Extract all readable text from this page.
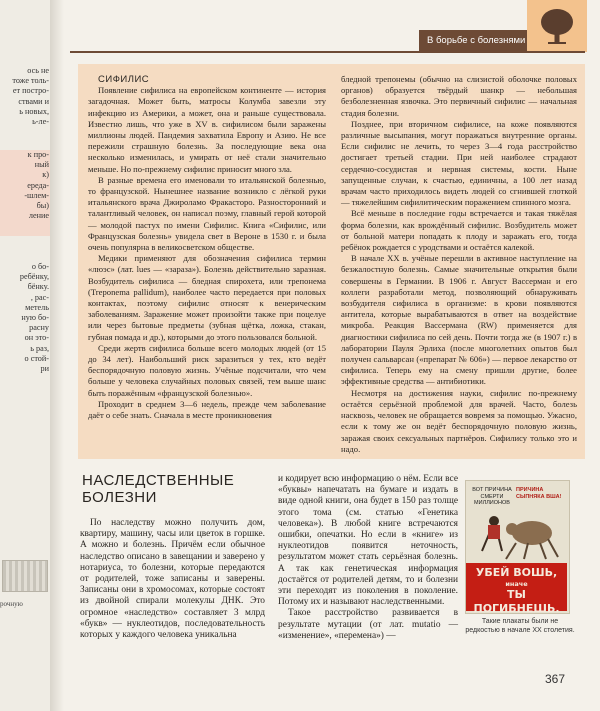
ось не
тоже толь-
ет постро-
ствами и
ь новых,
ь-ле-
к про-
ный
к)
ереда-
-шлем-
бы)
ление
о бо-
ребёнку,
бёнку.
, рас-
метель
ную бо-
расну
он это-
ь раз,
о стой-
ри
рочную
В борьбе с болезнями

СИФИЛИС

Появление сифилиса на европейском континенте — история загадочная. Может быть, матросы Колумба завезли эту инфекцию из Америки, а может, она и раньше существовала. Известно лишь, что уже в XV в. сифилисом были заражены миллионы людей. Пандемия захватила Европу и Азию. Не все пережили страшную болезнь. За последующие века она несколько изменилась, и умирать от неё стали значительно меньше. Но по-прежнему сифилис приносит много зла.

В разные времена его именовали то итальянской болезнью, то французской. Нынешнее название возникло с лёгкой руки итальянского врача Джироламо Фракасторо. Разносторонний и талантливый человек, он написал поэму, главный герой которой — молодой пастух по имени Сифилис. Книга «Сифилис, или Французская болезнь» увидела свет в Вероне в 1530 г. и была очень популярна в великосветском обществе.

Медики применяют для обозначения сифилиса термин «люэс» (лат. lues — «зараза»). Болезнь действительно заразная. Возбудитель сифилиса — бледная спирохета, или трепонема (Treponema pallidum), наиболее часто передается при половых контактах, поэтому сифилис относят к венерическим заболеваниям. Заражение может произойти также при поцелуе или через бытовые предметы (зубная щётка, ложка, стакан, губная помада и др.), которыми до этого пользовался больной.

Среди жертв сифилиса больше всего молодых людей (от 15 до 34 лет). Наибольший риск заразиться у тех, кто ведёт беспорядочную половую жизнь. Учёные подсчитали, что чем больше у человека случайных половых связей, тем выше шанс быть поражённым «французской болезнью».

Проходит в среднем 3—6 недель, прежде чем заболевание даёт о себе знать. Сначала в месте проникновения

бледной трепонемы (обычно на слизистой оболочке половых органов) образуется твёрдый шанкр — небольшая безболезненная язвочка. Это первичный сифилис — начальная стадия болезни.

Позднее, при вторичном сифилисе, на коже появляются различные высыпания, могут поражаться внутренние органы. Если сифилис не лечить, то через 3—4 года расстройство достигает третьей стадии. При ней наиболее страдают сердечно-сосудистая и нервная системы, кости. Ныне запущенные случаи, к счастью, единичны, а 100 лет назад врачам часто приходилось видеть людей со сгнившей глоткой — тяжелейшим сифилитическим поражением спинного мозга.

Всё меньше в последние годы встречается и такая тяжёлая форма болезни, как врождённый сифилис. Возбудитель может от больной матери попадать к плоду и заражать его, тогда ребёнок рождается с уродствами и остаётся калекой.

В начале XX в. учёные перешли в активное наступление на безжалостную болезнь. Самые значительные открытия были совершены в Германии. В 1906 г. Август Вассерман и его коллеги разработали метод, позволяющий обнаруживать возбудителя сифилиса в организме: в крови появляются антитела, которые вырабатываются в ответ на воздействие микроба. Реакция Вассермана (RW) применяется для диагностики сифилиса по сей день. Почти тогда же (в 1907 г.) в лаборатории Пауля Эрлиха (после многолетних опытов был получен сальварсан («препарат № 606») — первое лекарство от сифилиса. Теперь ему на смену пришли другие, более эффективные средства — антибиотики.

Несмотря на достижения науки, сифилис по-прежнему остаётся серьёзной проблемой для врачей. Часто, болезь насквозь, человек не обращается вовремя за помощью. Ужасно, если к тому же он ведёт беспорядочную половую жизнь, заражая своих сексуальных партнёров. Сифилису только это и надо.

НАСЛЕДСТВЕННЫЕ
БОЛЕЗНИ

По наследству можно получить дом, квартиру, машину, часы или цветок в горшке. А можно и болезнь. Причём если обычное наследство описано в завещании и заверено у нотариуса, то болезни, которые передаются от родителей, тоже записаны и заверены. Записаны они в хромосомах, которые состоят из двойной спирали молекулы ДНК. Это огромное «наследство» составляет 3 млрд «букв» — нуклеотидов, последовательность которых у каждого человека уникальна

и кодирует всю информацию о нём. Если все «буквы» напечатать на бумаге и издать в виде одной книги, она будет в 150 раз толще этого тома (см. статью «Генетика человека»). В любой книге встречаются ошибки, опечатки. Но если в «книге» из нуклеотидов появится неточность, результатом может стать серьёзная болезнь. А так как генетическая информация достаётся от родителей детям, то и болезни эти переходят из поколения в поколение. Потому их и называют наследственными.

Такое расстройство развивается в результате мутации (от лат. mutatio — «изменение», «перемена») —

ВОТ ПРИЧИНА СМЕРТИ МИЛЛИОНОВ
ПРИЧИНА СЫПНЯКА ВША!
УБЕЙ ВОШЬ,
иначе
ТЫ ПОГИБНЕШЬ.
Такие плакаты были не редкостью в начале XX столетия.
367
